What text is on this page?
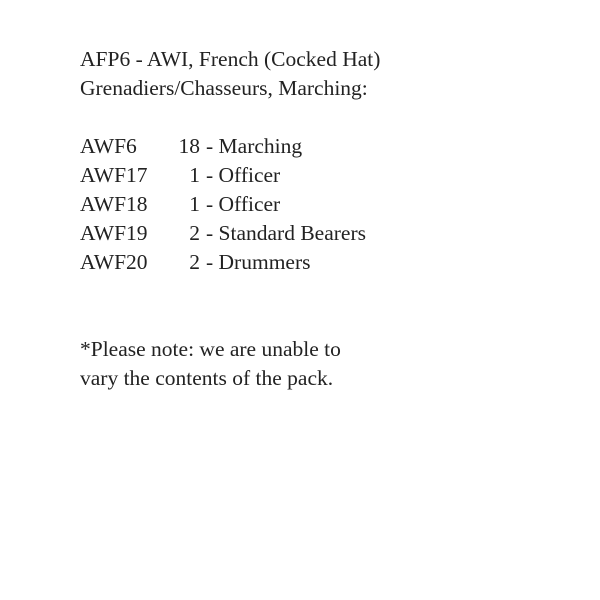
AFP6 - AWI, French (Cocked Hat)
Grenadiers/Chasseurs, Marching:
AWF6	18 - Marching
AWF17	1 - Officer
AWF18	1 - Officer
AWF19	2 - Standard Bearers
AWF20	2 - Drummers
*Please note: we are unable to
vary the contents of the pack.
